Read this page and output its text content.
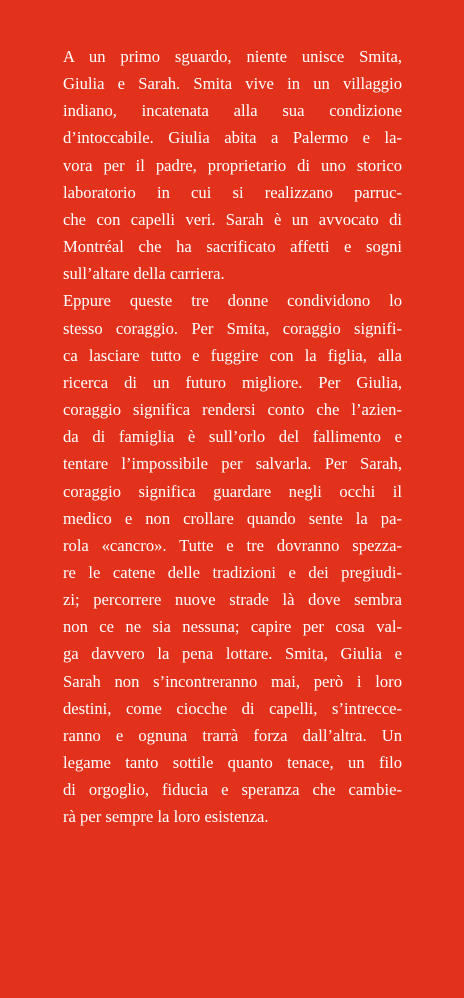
A un primo sguardo, niente unisce Smita,
Giulia e Sarah. Smita vive in un villaggio
indiano, incatenata alla sua condizione
d’intoccabile. Giulia abita a Palermo e la-
vora per il padre, proprietario di uno storico
laboratorio in cui si realizzano parruc-
che con capelli veri. Sarah è un avvocato di
Montréal che ha sacrificato affetti e sogni
sull’altare della carriera.
Eppure queste tre donne condividono lo
stesso coraggio. Per Smita, coraggio signifi-
ca lasciare tutto e fuggire con la figlia, alla
ricerca di un futuro migliore. Per Giulia,
coraggio significa rendersi conto che l’azien-
da di famiglia è sull’orlo del fallimento e
tentare l’impossibile per salvarla. Per Sarah,
coraggio significa guardare negli occhi il
medico e non crollare quando sente la pa-
rola «cancro». Tutte e tre dovranno spezza-
re le catene delle tradizioni e dei pregiudi-
zi; percorrere nuove strade là dove sembra
non ce ne sia nessuna; capire per cosa val-
ga davvero la pena lottare. Smita, Giulia e
Sarah non s’incontreranno mai, però i loro
destini, come ciocche di capelli, s’intrecce-
ranno e ognuna trarrà forza dall’altra. Un
legame tanto sottile quanto tenace, un filo
di orgoglio, fiducia e speranza che cambie-
rà per sempre la loro esistenza.
